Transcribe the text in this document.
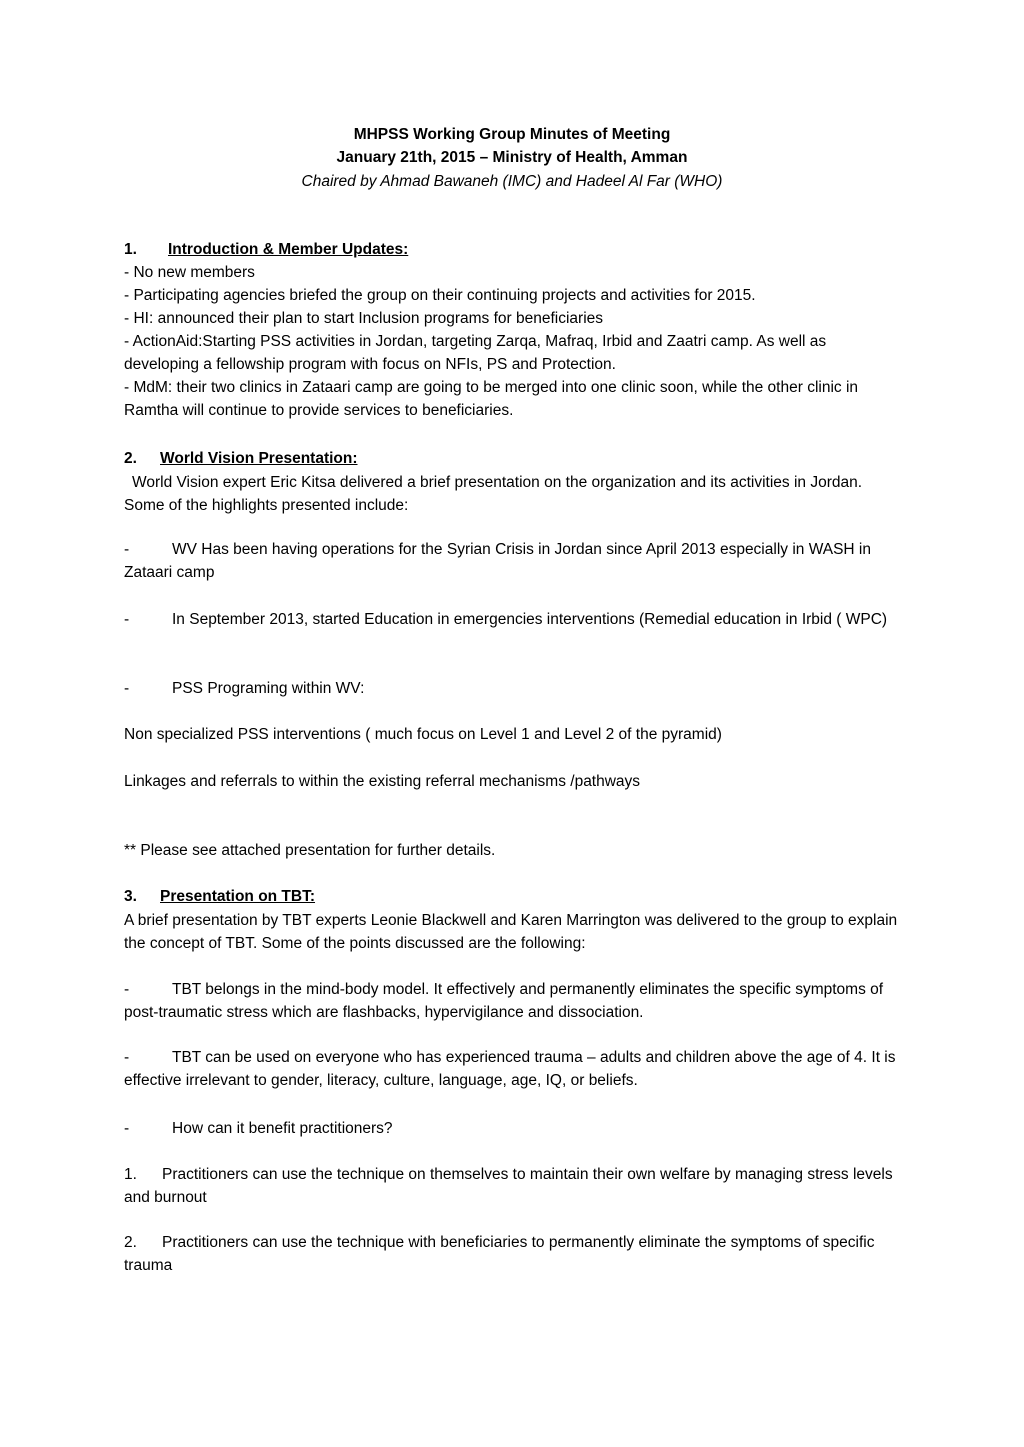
MHPSS Working Group Minutes of Meeting
January 21th, 2015 – Ministry of Health, Amman
Chaired by Ahmad Bawaneh (IMC) and Hadeel Al Far (WHO)
1. Introduction & Member Updates:
- No new members
- Participating agencies briefed the group on their continuing projects and activities for 2015.
- HI: announced their plan to start Inclusion programs for beneficiaries
- ActionAid:Starting PSS activities in Jordan, targeting Zarqa, Mafraq, Irbid and Zaatri camp. As well as developing a fellowship program with focus on NFIs, PS and Protection.
- MdM: their two clinics in Zataari camp are going to be merged into one clinic soon, while the other clinic in Ramtha will continue to provide services to beneficiaries.
2. World Vision Presentation:
World Vision expert Eric Kitsa delivered a brief presentation on the organization and its activities in Jordan. Some of the highlights presented include:
-	WV Has been having operations for the Syrian Crisis in Jordan since April 2013 especially in WASH in Zataari camp
-	In September 2013, started Education in emergencies interventions (Remedial education in Irbid ( WPC)
-	PSS Programing within WV:
Non specialized PSS interventions ( much focus on Level 1 and Level 2 of the pyramid)
Linkages and referrals to within the existing referral mechanisms /pathways
** Please see attached presentation for further details.
3. Presentation on TBT:
A brief presentation by TBT experts Leonie Blackwell and Karen Marrington was delivered to the group to explain the concept of TBT. Some of the points discussed are the following:
-	TBT belongs in the mind-body model. It effectively and permanently eliminates the specific symptoms of post-traumatic stress which are flashbacks, hypervigilance and dissociation.
-	TBT can be used on everyone who has experienced trauma – adults and children above the age of 4. It is effective irrelevant to gender, literacy, culture, language, age, IQ, or beliefs.
-	How can it benefit practitioners?
1. Practitioners can use the technique on themselves to maintain their own welfare by managing stress levels and burnout
2. Practitioners can use the technique with beneficiaries to permanently eliminate the symptoms of specific trauma
